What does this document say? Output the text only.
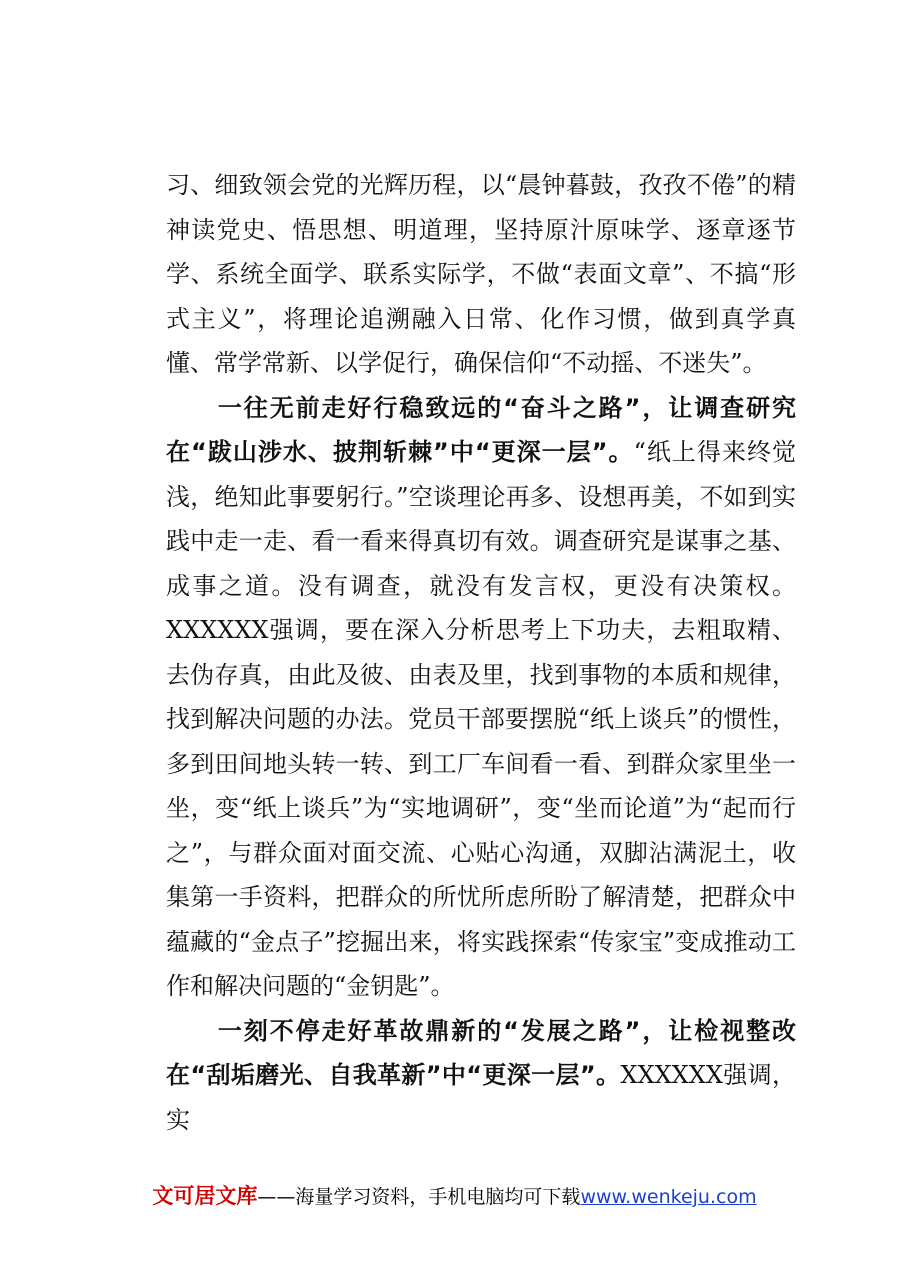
习、细致领会党的光辉历程，以“晨钟暮鼓，孜孜不倦”的精神读党史、悟思想、明道理，坚持原汁原味学、逐章逐节学、系统全面学、联系实际学，不做“表面文章”、不搞“形式主义”，将理论追溯融入日常、化作习惯，做到真学真懂、常学常新、以学促行，确保信仰“不动摇、不迷失”。

　　一往无前走好行稳致远的“奋斗之路”，让调查研究在“跋山涉水、披荆斩棘”中“更深一层”。“纸上得来终觉浅，绝知此事要躬行。”空谈理论再多、设想再美，不如到实践中走一走、看一看来得真切有效。调查研究是谋事之基、成事之道。没有调查，就没有发言权，更没有决策权。XXXXXX强调，要在深入分析思考上下功夫，去粗取精、去伪存真，由此及彼、由表及里，找到事物的本质和规律，找到解决问题的办法。党员干部要摆脱“纸上谈兵”的惯性，多到田间地头转一转、到工厂车间看一看、到群众家里坐一坐，变“纸上谈兵”为“实地调研”，变“坐而论道”为“起而行之”，与群众面对面交流、心贴心沟通，双脚沾满泥土，收集第一手资料，把群众的所忧所虑所盼了解清楚，把群众中蕴藏的“金点子”挖掘出来，将实践探索“传家宝”变成推动工作和解决问题的“金钥匙”。

　　一刻不停走好革故鼎新的“发展之路”，让检视整改在“刮垢磨光、自我革新”中“更深一层”。XXXXXX强调，实

文可居文库——海量学习资料，手机电脑均可下载www.wenkeju.com
